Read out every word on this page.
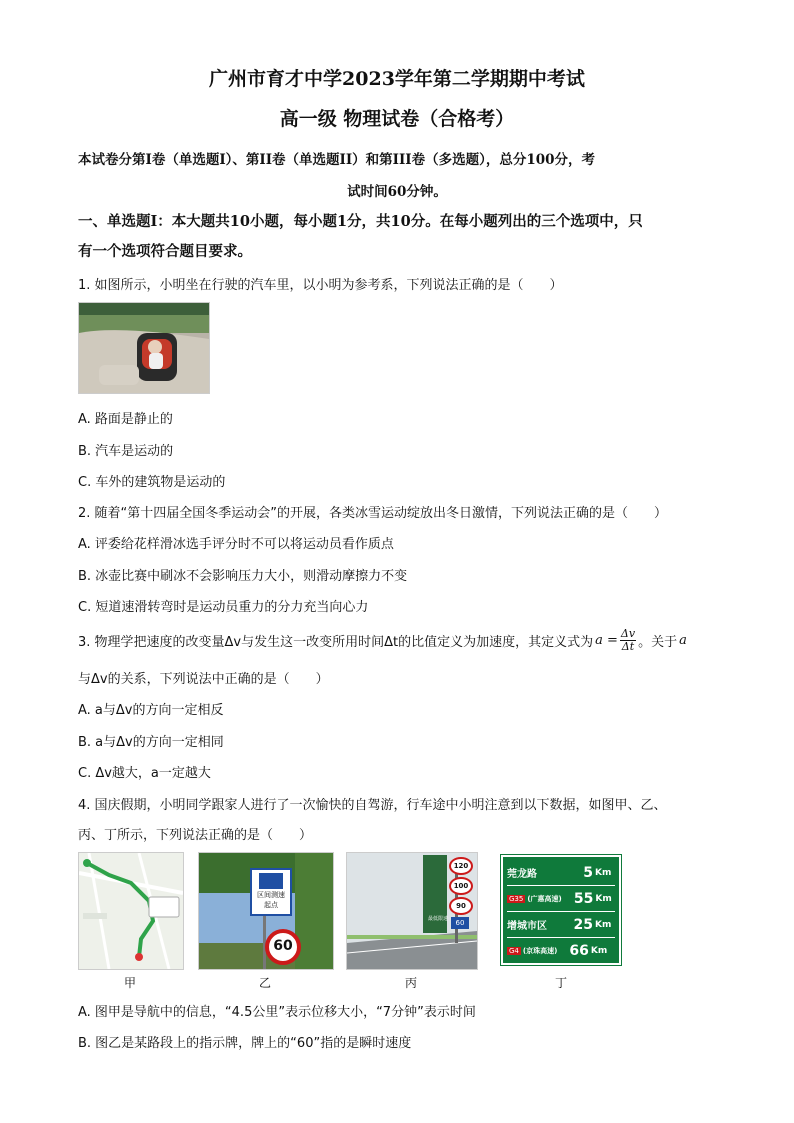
广州市育才中学2023学年第二学期期中考试
高一级 物理试卷（合格考）
本试卷分第I卷（单选题I）、第II卷（单选题II）和第III卷（多选题），总分100分，考
试时间60分钟。
一、单选题I：本大题共10小题，每小题1分，共10分。在每小题列出的三个选项中，只
有一个选项符合题目要求。
1. 如图所示，小明坐在行驶的汽车里，以小明为参考系，下列说法正确的是（　　）
A. 路面是静止的
B. 汽车是运动的
C. 车外的建筑物是运动的
2. 随着“第十四届全国冬季运动会”的开展，各类冰雪运动绽放出冬日激情，下列说法正确的是（　　）
A. 评委给花样滑冰选手评分时不可以将运动员看作质点
B. 冰壶比赛中刷冰不会影响压力大小，则滑动摩擦力不变
C. 短道速滑转弯时是运动员重力的分力充当向心力
3. 物理学把速度的改变量Δv与发生这一改变所用时间Δt的比值定义为加速度，其定义式为 $a = \frac{\Delta v}{\Delta t}$ 。关于 a
与Δv的关系，下列说法中正确的是（　　）
A. a与Δv的方向一定相反
B. a与Δv的方向一定相同
C. Δv越大，a一定越大
4. 国庆假期，小明同学跟家人进行了一次愉快的自驾游，行车途中小明注意到以下数据，如图甲、乙、
丙、丁所示，下列说法正确的是（　　）
区间测速
起点
60
120
100
90
最低限速	60
莞龙路	5 Km
G35 (广惠高速) 55 Km
增城市区	25 Km
G4 (京珠高速) 66 Km
甲	乙	丙	丁
A. 图甲是导航中的信息，“4.5公里”表示位移大小，“7分钟”表示时间
B. 图乙是某路段上的指示牌，牌上的“60”指的是瞬时速度
